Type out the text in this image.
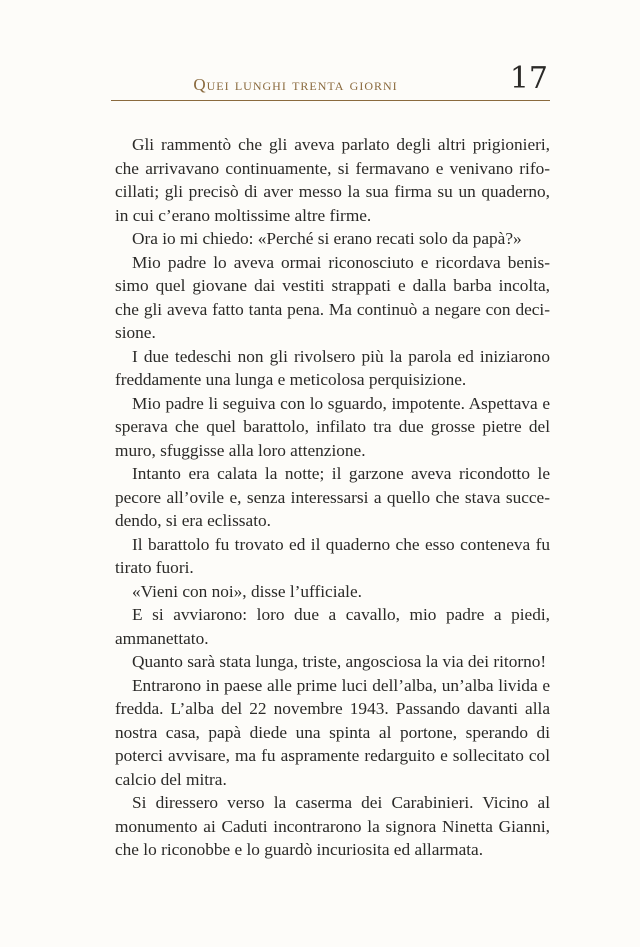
Quei lunghi trenta giorni	17

Gli rammentò che gli aveva parlato degli altri prigionieri, che arrivavano continuamente, si fermavano e venivano rifocillati; gli precisò di aver messo la sua firma su un quaderno, in cui c’erano moltissime altre firme.

Ora io mi chiedo: «Perché si erano recati solo da papà?»

Mio padre lo aveva ormai riconosciuto e ricordava benissimo quel giovane dai vestiti strappati e dalla barba incolta, che gli aveva fatto tanta pena. Ma continuò a negare con decisione.

I due tedeschi non gli rivolsero più la parola ed iniziarono freddamente una lunga e meticolosa perquisizione.

Mio padre li seguiva con lo sguardo, impotente. Aspettava e sperava che quel barattolo, infilato tra due grosse pietre del muro, sfuggisse alla loro attenzione.

Intanto era calata la notte; il garzone aveva ricondotto le pecore all’ovile e, senza interessarsi a quello che stava succedendo, si era eclissato.

Il barattolo fu trovato ed il quaderno che esso conteneva fu tirato fuori.

«Vieni con noi», disse l’ufficiale.

E si avviarono: loro due a cavallo, mio padre a piedi, ammanettato.

Quanto sarà stata lunga, triste, angosciosa la via dei ritorno!

Entrarono in paese alle prime luci dell’alba, un’alba livida e fredda. L’alba del 22 novembre 1943. Passando davanti alla nostra casa, papà diede una spinta al portone, sperando di poterci avvisare, ma fu aspramente redarguito e sollecitato col calcio del mitra.

Si diressero verso la caserma dei Carabinieri. Vicino al monumento ai Caduti incontrarono la signora Ninetta Gianni, che lo riconobbe e lo guardò incuriosita ed allarmata.
